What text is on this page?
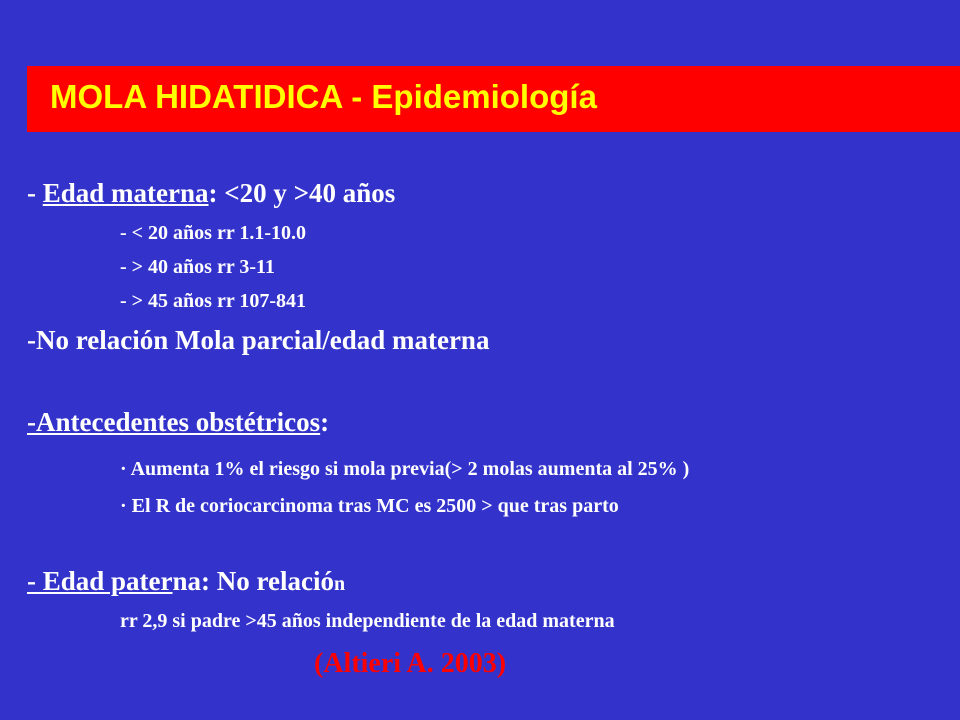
MOLA HIDATIDICA - Epidemiología
- Edad materna: <20 y >40 años
- < 20 años rr 1.1-10.0
- > 40 años rr 3-11
- > 45 años rr 107-841
-No relación Mola parcial/edad materna
-Antecedentes obstétricos:
· Aumenta 1% el riesgo si mola previa(> 2 molas aumenta al 25% )
· El R de coriocarcinoma tras MC es 2500 > que tras parto
- Edad paterna: No relación
rr 2,9 si padre >45 años independiente de la edad materna
(Altieri A. 2003)
